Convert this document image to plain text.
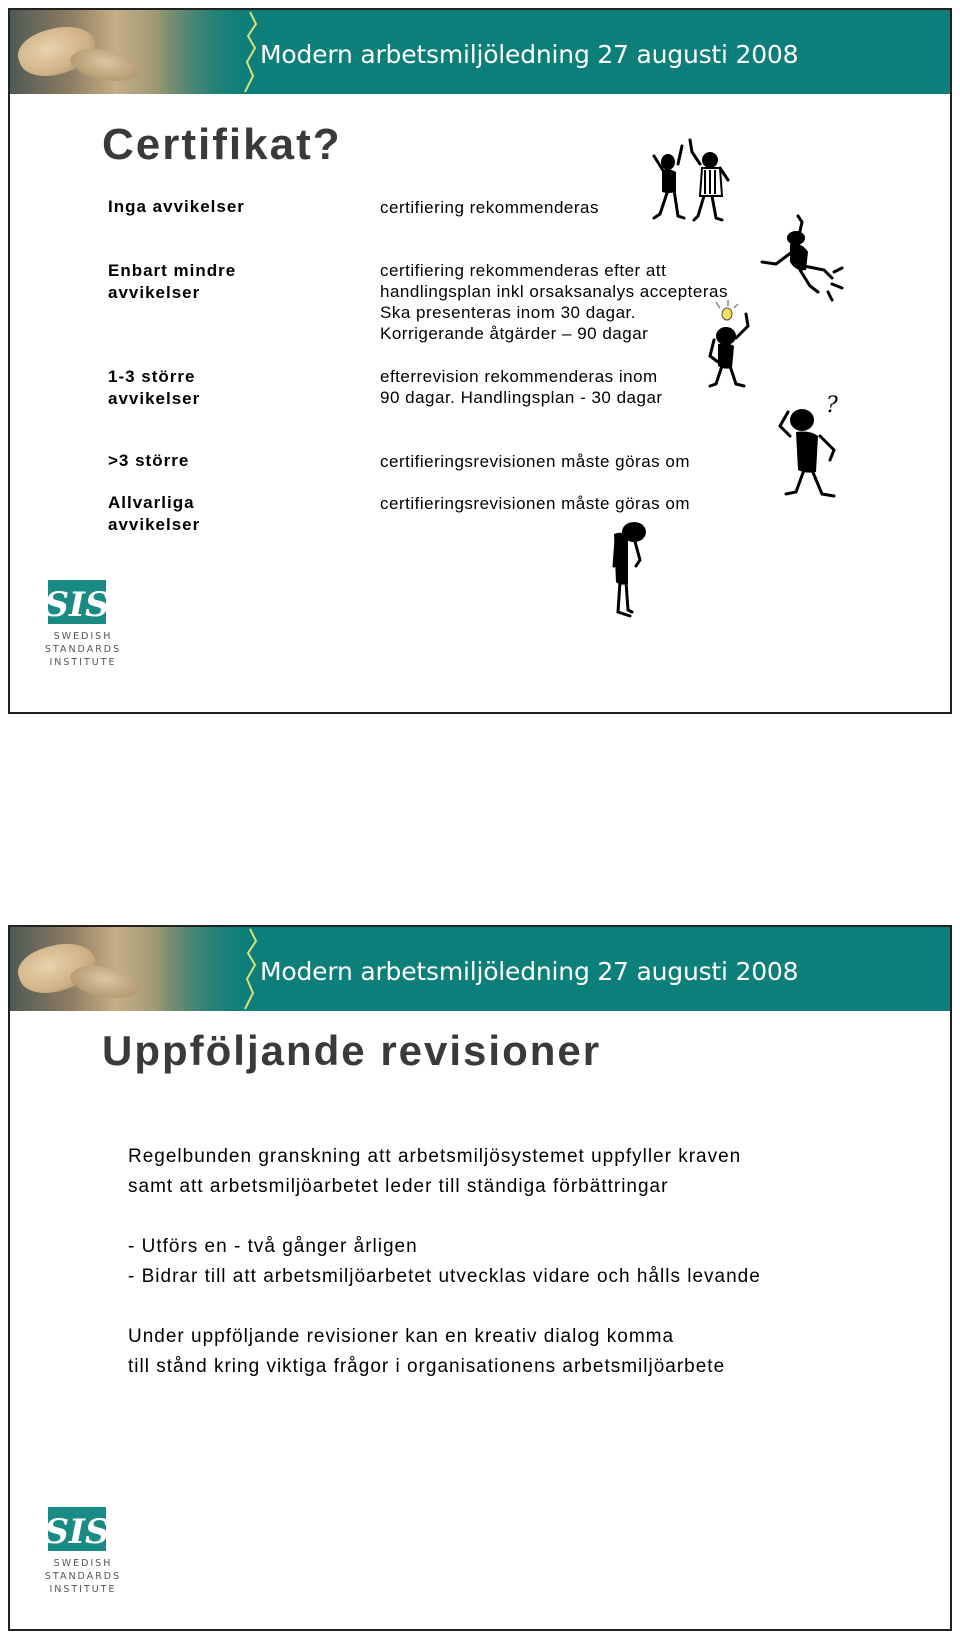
Modern arbetsmiljöledning 27 augusti 2008
Certifikat?
Inga avvikelser	certifiering rekommenderas
Enbart mindre
avvikelser
certifiering rekommenderas efter att
handlingsplan inkl orsaksanalys accepteras
Ska presenteras inom 30 dagar.
Korrigerande åtgärder – 90 dagar
1-3 större
avvikelser
efterrevision rekommenderas inom
90 dagar. Handlingsplan - 30 dagar
>3 större	certifieringsrevisionen måste göras om
Allvarliga
avvikelser
certifieringsrevisionen måste göras om
?
SIS
SWEDISH
STANDARDS
INSTITUTE
Modern arbetsmiljöledning 27 augusti 2008
Uppföljande revisioner
Regelbunden granskning att arbetsmiljösystemet uppfyller kraven
samt att arbetsmiljöarbetet leder till ständiga förbättringar
- Utförs en - två gånger årligen
- Bidrar till att arbetsmiljöarbetet utvecklas vidare och hålls levande
Under uppföljande revisioner kan en kreativ dialog komma
till stånd kring viktiga frågor i organisationens arbetsmiljöarbete
SIS
SWEDISH
STANDARDS
INSTITUTE
